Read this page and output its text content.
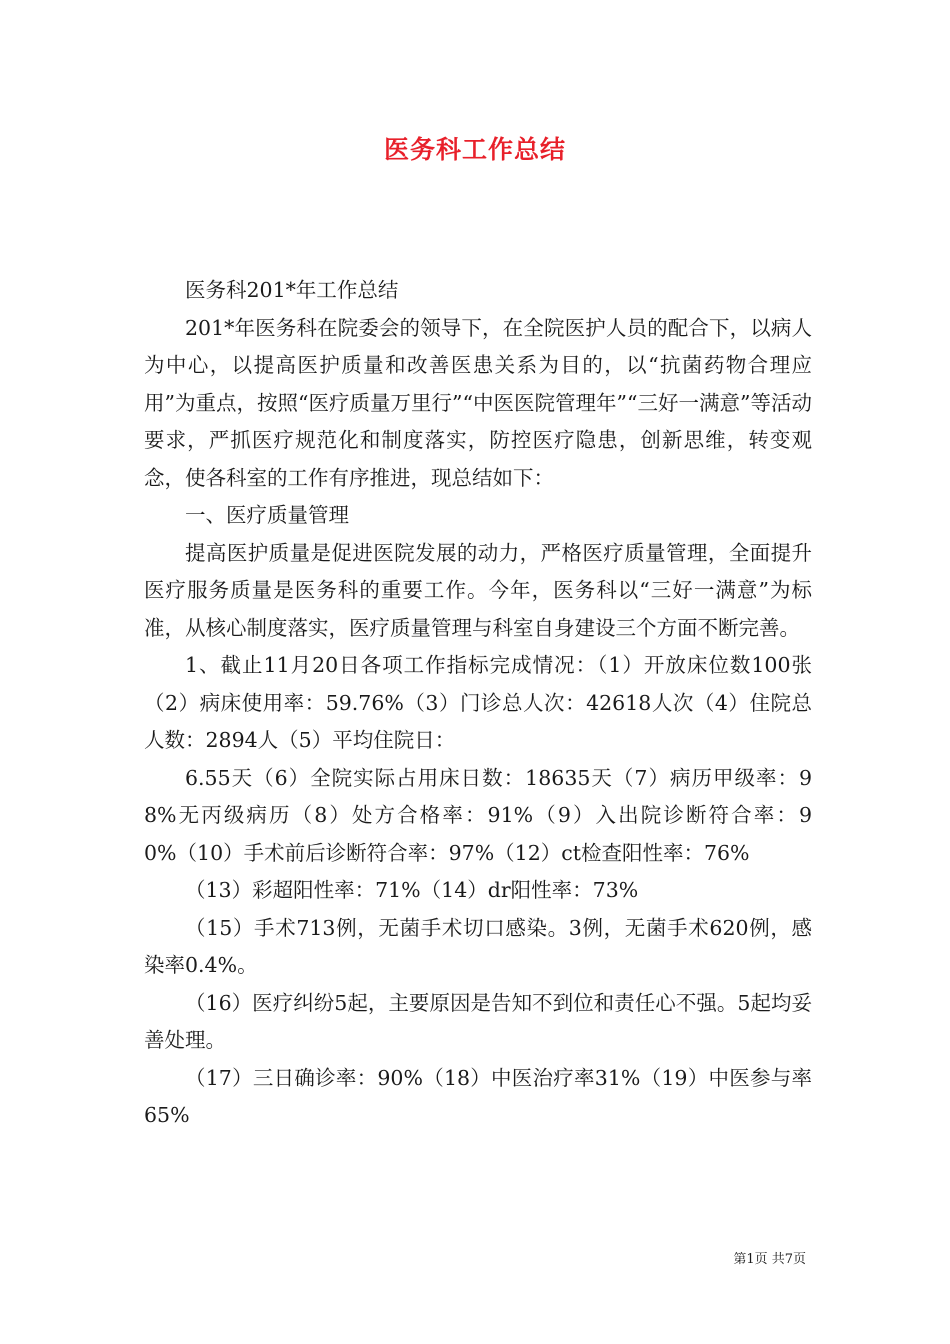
医务科工作总结

医务科201*年工作总结

201*年医务科在院委会的领导下，在全院医护人员的配合下，以病人为中心，以提高医护质量和改善医患关系为目的，以“抗菌药物合理应用”为重点，按照“医疗质量万里行”“中医医院管理年”“三好一满意”等活动要求，严抓医疗规范化和制度落实，防控医疗隐患，创新思维，转变观念，使各科室的工作有序推进，现总结如下：

一、医疗质量管理

提高医护质量是促进医院发展的动力，严格医疗质量管理，全面提升医疗服务质量是医务科的重要工作。今年，医务科以“三好一满意”为标准，从核心制度落实，医疗质量管理与科室自身建设三个方面不断完善。

1、截止11月20日各项工作指标完成情况：（1）开放床位数100张（2）病床使用率：59.76%（3）门诊总人次：42618人次（4）住院总人数：2894人（5）平均住院日：

6.55天（6）全院实际占用床日数：18635天（7）病历甲级率：98%无丙级病历（8）处方合格率：91%（9）入出院诊断符合率：90%（10）手术前后诊断符合率：97%（12）ct检查阳性率：76%

（13）彩超阳性率：71%（14）dr阳性率：73%

（15）手术713例，无菌手术切口感染。3例，无菌手术620例，感染率0.4%。

（16）医疗纠纷5起，主要原因是告知不到位和责任心不强。5起均妥善处理。

（17）三日确诊率：90%（18）中医治疗率31%（19）中医参与率65%

第1页 共7页
